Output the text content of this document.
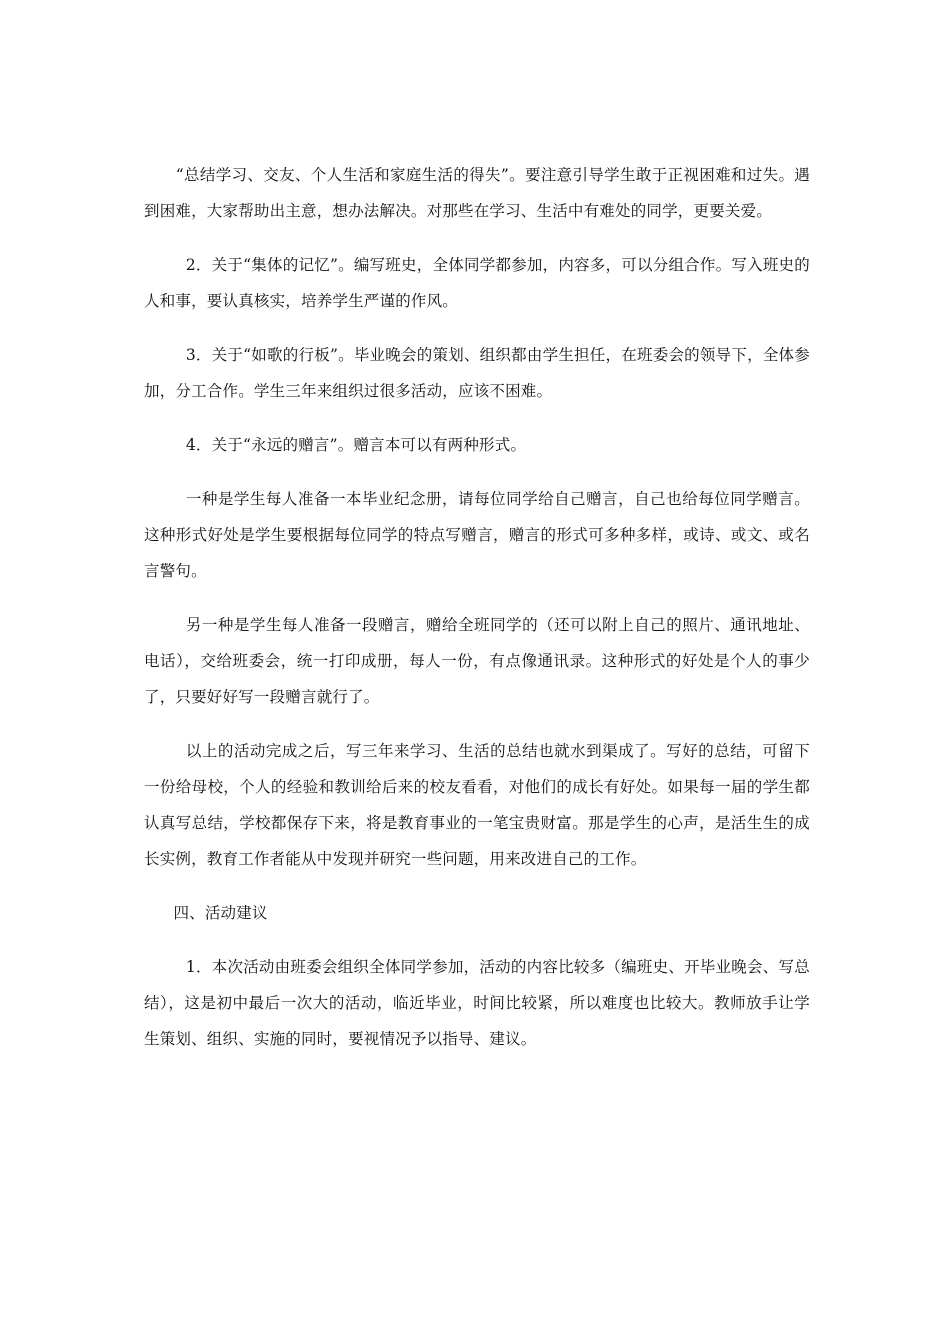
“总结学习、交友、个人生活和家庭生活的得失”。要注意引导学生敢于正视困难和过失。遇到困难，大家帮助出主意，想办法解决。对那些在学习、生活中有难处的同学，更要关爱。

2．关于“集体的记忆”。编写班史，全体同学都参加，内容多，可以分组合作。写入班史的人和事，要认真核实，培养学生严谨的作风。

3．关于“如歌的行板”。毕业晚会的策划、组织都由学生担任，在班委会的领导下，全体参加，分工合作。学生三年来组织过很多活动，应该不困难。

4．关于“永远的赠言”。赠言本可以有两种形式。

一种是学生每人准备一本毕业纪念册，请每位同学给自己赠言，自己也给每位同学赠言。这种形式好处是学生要根据每位同学的特点写赠言，赠言的形式可多种多样，或诗、或文、或名言警句。

另一种是学生每人准备一段赠言，赠给全班同学的（还可以附上自己的照片、通讯地址、电话），交给班委会，统一打印成册，每人一份，有点像通讯录。这种形式的好处是个人的事少了，只要好好写一段赠言就行了。

以上的活动完成之后，写三年来学习、生活的总结也就水到渠成了。写好的总结，可留下一份给母校，个人的经验和教训给后来的校友看看，对他们的成长有好处。如果每一届的学生都认真写总结，学校都保存下来，将是教育事业的一笔宝贵财富。那是学生的心声，是活生生的成长实例，教育工作者能从中发现并研究一些问题，用来改进自己的工作。

四、活动建议

1．本次活动由班委会组织全体同学参加，活动的内容比较多（编班史、开毕业晚会、写总结），这是初中最后一次大的活动，临近毕业，时间比较紧，所以难度也比较大。教师放手让学生策划、组织、实施的同时，要视情况予以指导、建议。
